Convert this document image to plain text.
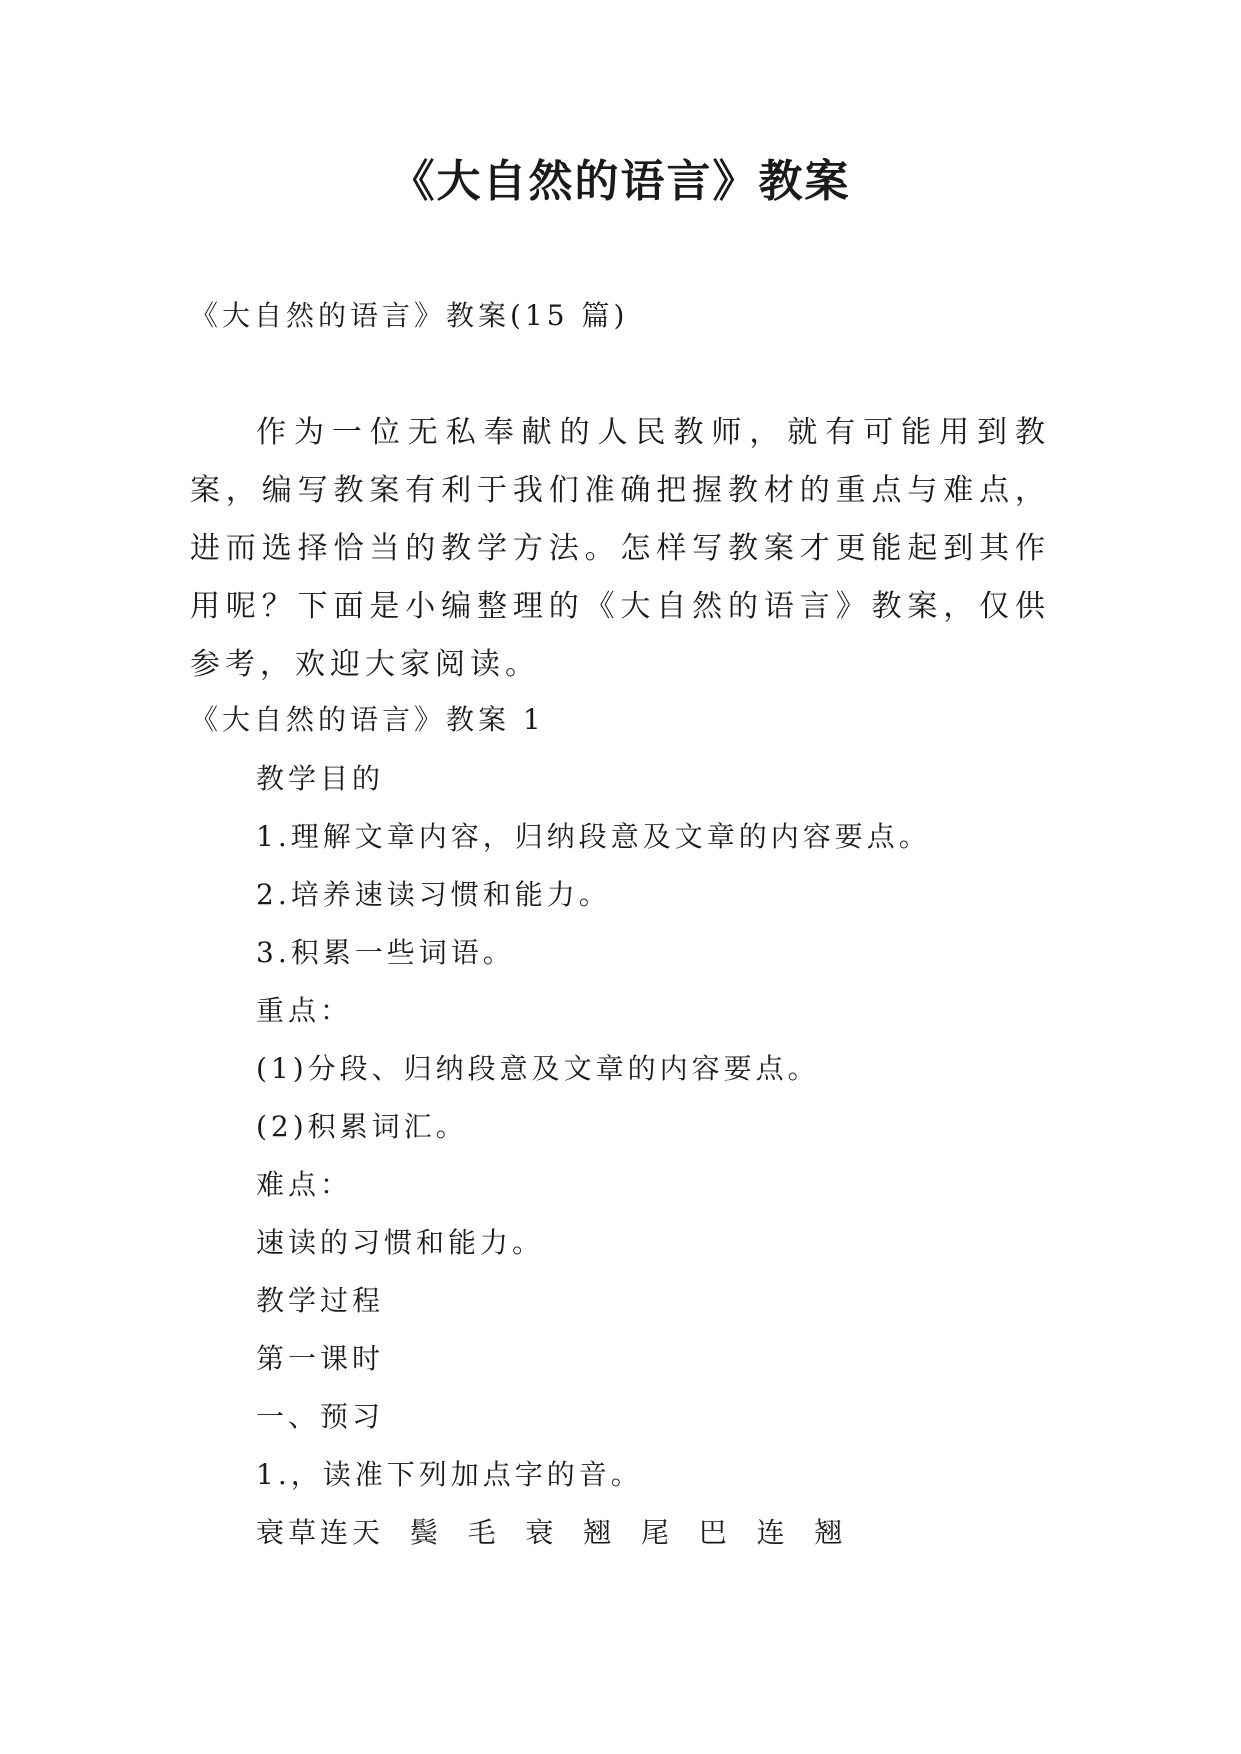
《大自然的语言》教案

《大自然的语言》教案(15 篇)

作为一位无私奉献的人民教师，就有可能用到教案，编写教案有利于我们准确把握教材的重点与难点，进而选择恰当的教学方法。怎样写教案才更能起到其作用呢？下面是小编整理的《大自然的语言》教案，仅供参考，欢迎大家阅读。

《大自然的语言》教案 1

教学目的
1.理解文章内容，归纳段意及文章的内容要点。
2.培养速读习惯和能力。
3.积累一些词语。
重点：
(1)分段、归纳段意及文章的内容要点。
(2)积累词汇。
难点：
速读的习惯和能力。
教学过程
第一课时
一、预习
1.，读准下列加点字的音。
衰草连天  鬓  毛  衰  翘  尾  巴  连  翘
